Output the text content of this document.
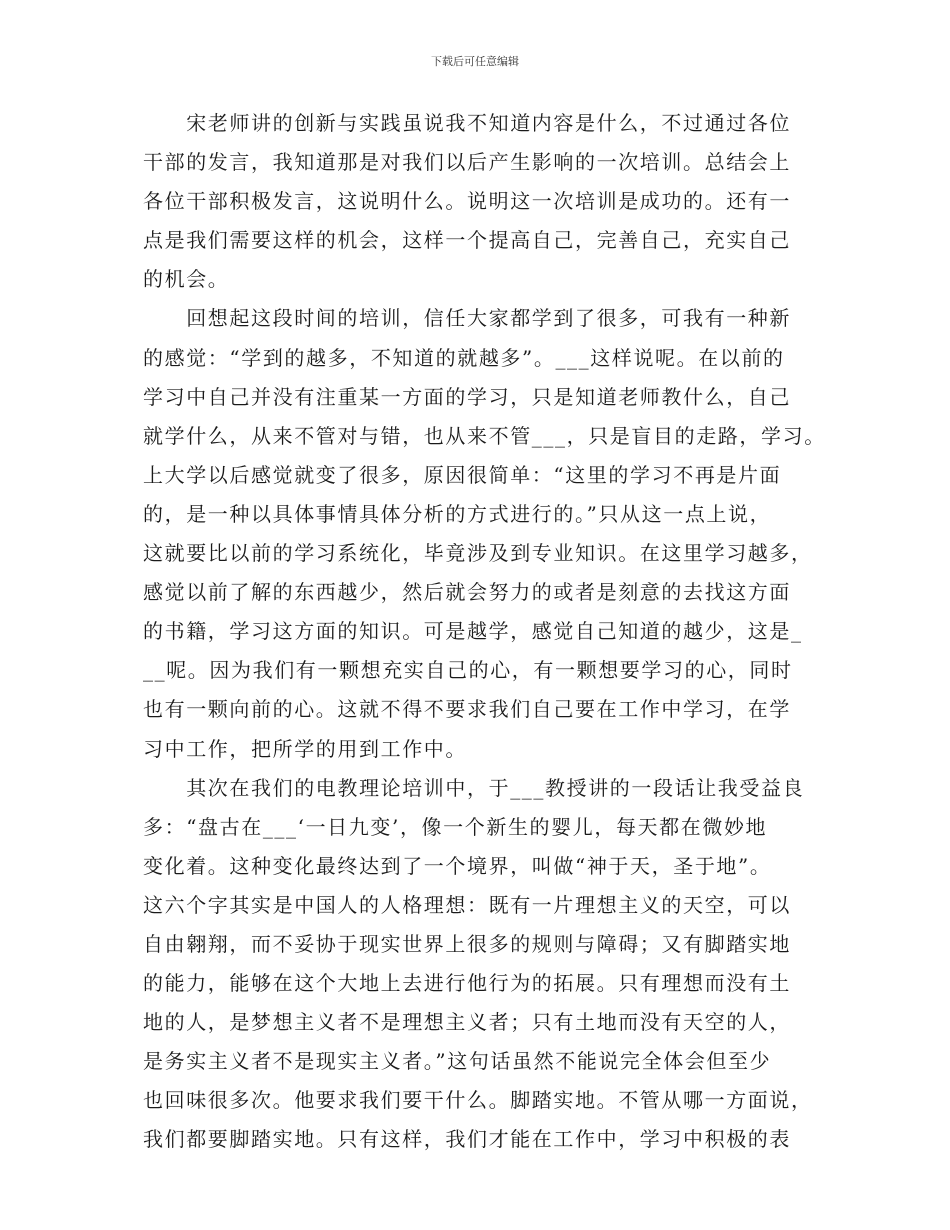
下载后可任意编辑
　　宋老师讲的创新与实践虽说我不知道内容是什么，不过通过各位
干部的发言，我知道那是对我们以后产生影响的一次培训。总结会上
各位干部积极发言，这说明什么。说明这一次培训是成功的。还有一
点是我们需要这样的机会，这样一个提高自己，完善自己，充实自己
的机会。
　　回想起这段时间的培训，信任大家都学到了很多，可我有一种新
的感觉：“学到的越多，不知道的就越多”。___这样说呢。在以前的
学习中自己并没有注重某一方面的学习，只是知道老师教什么，自己
就学什么，从来不管对与错，也从来不管___，只是盲目的走路，学习。
上大学以后感觉就变了很多，原因很简单：“这里的学习不再是片面
的，是一种以具体事情具体分析的方式进行的。”只从这一点上说，
这就要比以前的学习系统化，毕竟涉及到专业知识。在这里学习越多，
感觉以前了解的东西越少，然后就会努力的或者是刻意的去找这方面
的书籍，学习这方面的知识。可是越学，感觉自己知道的越少，这是_
__呢。因为我们有一颗想充实自己的心，有一颗想要学习的心，同时
也有一颗向前的心。这就不得不要求我们自己要在工作中学习，在学
习中工作，把所学的用到工作中。
　　其次在我们的电教理论培训中，于___教授讲的一段话让我受益良
多：“盘古在___‘一日九变’，像一个新生的婴儿，每天都在微妙地
变化着。这种变化最终达到了一个境界，叫做“神于天，圣于地”。
这六个字其实是中国人的人格理想：既有一片理想主义的天空，可以
自由翱翔，而不妥协于现实世界上很多的规则与障碍；又有脚踏实地
的能力，能够在这个大地上去进行他行为的拓展。只有理想而没有土
地的人，是梦想主义者不是理想主义者；只有土地而没有天空的人，
是务实主义者不是现实主义者。”这句话虽然不能说完全体会但至少
也回味很多次。他要求我们要干什么。脚踏实地。不管从哪一方面说，
我们都要脚踏实地。只有这样，我们才能在工作中，学习中积极的表
